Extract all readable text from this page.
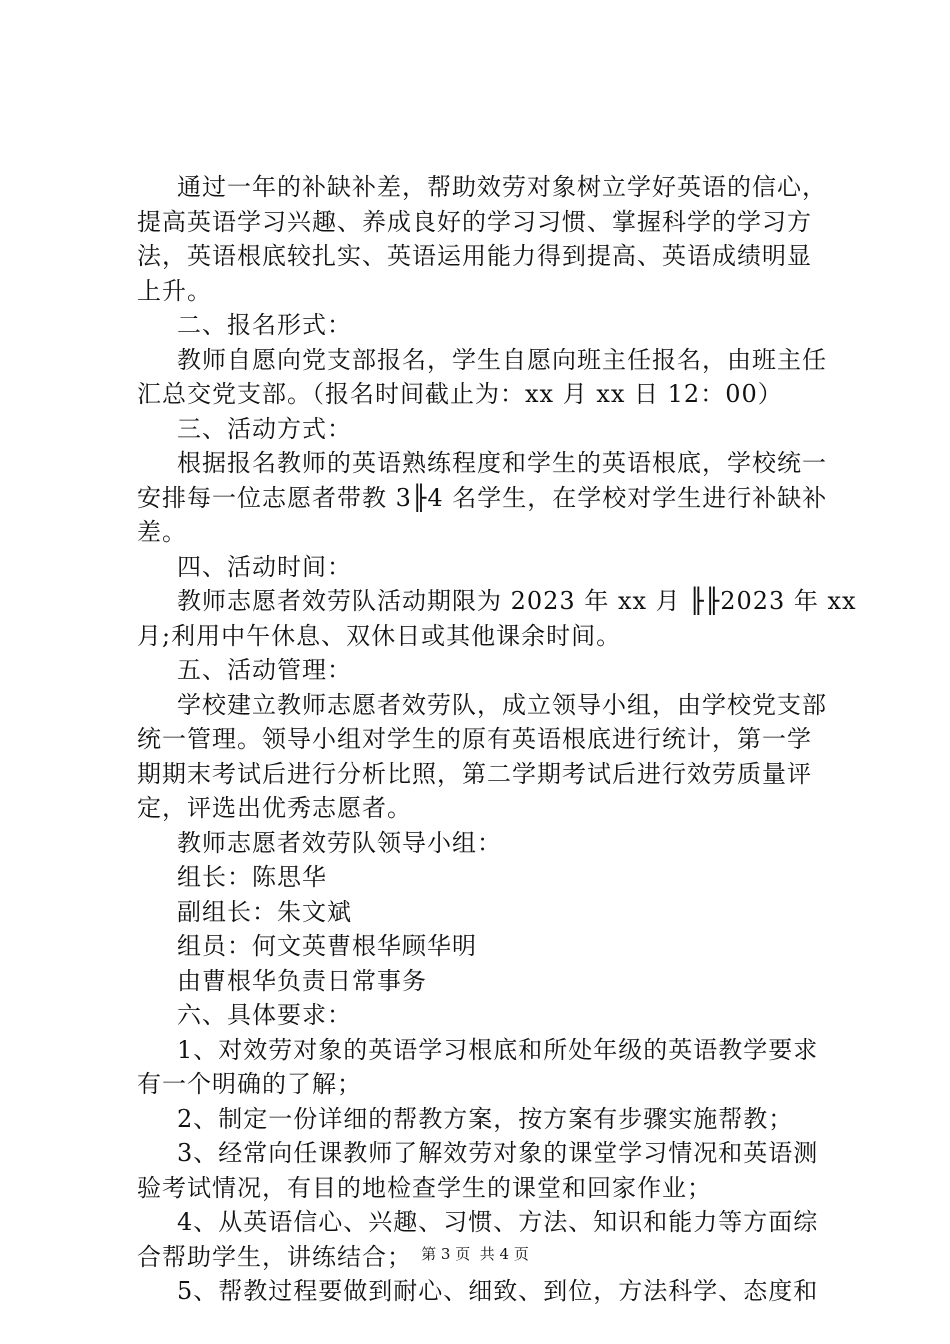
通过一年的补缺补差，帮助效劳对象树立学好英语的信心，
提高英语学习兴趣、养成良好的学习习惯、掌握科学的学习方
法，英语根底较扎实、英语运用能力得到提高、英语成绩明显
上升。
二、报名形式：
教师自愿向党支部报名，学生自愿向班主任报名，由班主任
汇总交党支部。（报名时间截止为：xx 月 xx 日 12：00）
三、活动方式：
根据报名教师的英语熟练程度和学生的英语根底，学校统一
安排每一位志愿者带教 3╟4 名学生，在学校对学生进行补缺补
差。
四、活动时间：
教师志愿者效劳队活动期限为 2023 年 xx 月 ╟╟2023 年 xx
月;利用中午休息、双休日或其他课余时间。
五、活动管理：
学校建立教师志愿者效劳队，成立领导小组，由学校党支部
统一管理。领导小组对学生的原有英语根底进行统计，第一学
期期末考试后进行分析比照，第二学期考试后进行效劳质量评
定，评选出优秀志愿者。
教师志愿者效劳队领导小组：
组长：陈思华
副组长：朱文斌
组员：何文英曹根华顾华明
由曹根华负责日常事务
六、具体要求：
1、对效劳对象的英语学习根底和所处年级的英语教学要求
有一个明确的了解；
2、制定一份详细的帮教方案，按方案有步骤实施帮教；
3、经常向任课教师了解效劳对象的课堂学习情况和英语测
验考试情况，有目的地检查学生的课堂和回家作业；
4、从英语信心、兴趣、习惯、方法、知识和能力等方面综
合帮助学生，讲练结合；
5、帮教过程要做到耐心、细致、到位，方法科学、态度和
第 3 页  共 4 页
